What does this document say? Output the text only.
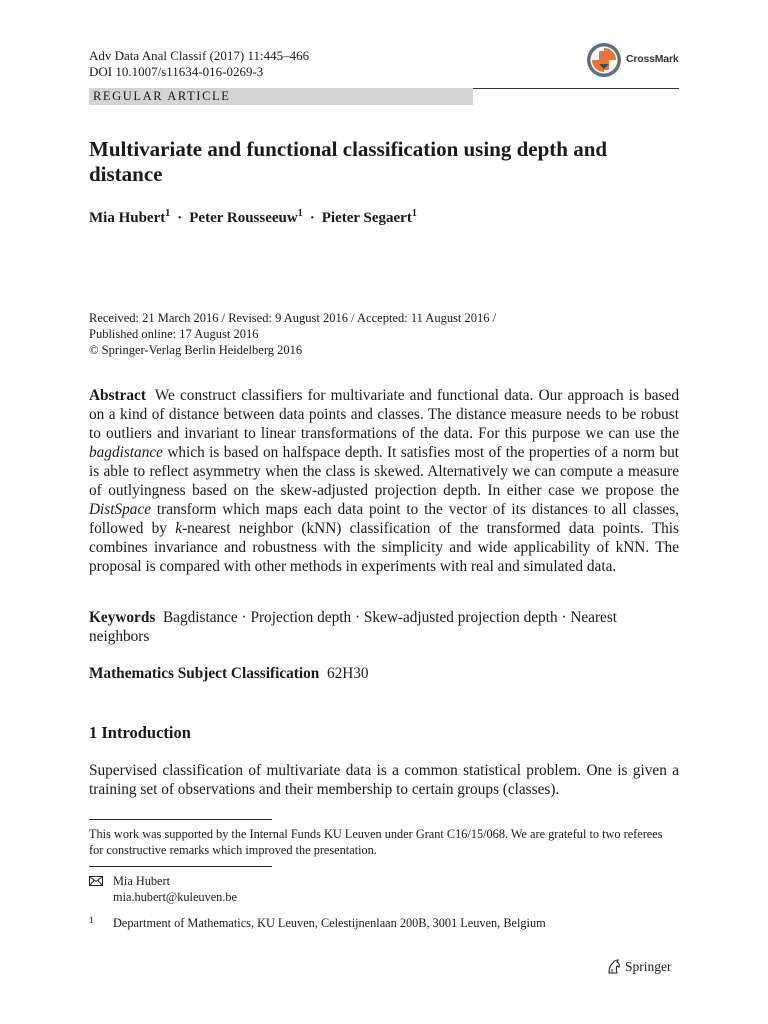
Adv Data Anal Classif (2017) 11:445–466
DOI 10.1007/s11634-016-0269-3
CrossMark
REGULAR ARTICLE
Multivariate and functional classification using depth and distance
Mia Hubert$^1$ · Peter Rousseeuw$^1$ · Pieter Segaert$^1$
Received: 21 March 2016 / Revised: 9 August 2016 / Accepted: 11 August 2016 /
Published online: 17 August 2016
© Springer-Verlag Berlin Heidelberg 2016
Abstract We construct classifiers for multivariate and functional data. Our approach is based on a kind of distance between data points and classes. The distance measure needs to be robust to outliers and invariant to linear transformations of the data. For this purpose we can use the bagdistance which is based on halfspace depth. It satisfies most of the properties of a norm but is able to reflect asymmetry when the class is skewed. Alternatively we can compute a measure of outlyingness based on the skew-adjusted projection depth. In either case we propose the DistSpace transform which maps each data point to the vector of its distances to all classes, followed by k-nearest neighbor (kNN) classification of the transformed data points. This combines invariance and robustness with the simplicity and wide applicability of kNN. The proposal is compared with other methods in experiments with real and simulated data.
Keywords Bagdistance · Projection depth · Skew-adjusted projection depth · Nearest neighbors
Mathematics Subject Classification 62H30
1 Introduction
Supervised classification of multivariate data is a common statistical problem. One is given a training set of observations and their membership to certain groups (classes).
This work was supported by the Internal Funds KU Leuven under Grant C16/15/068. We are grateful to two referees for constructive remarks which improved the presentation.
Mia Hubert
mia.hubert@kuleuven.be
1 Department of Mathematics, KU Leuven, Celestijnenlaan 200B, 3001 Leuven, Belgium
Springer
